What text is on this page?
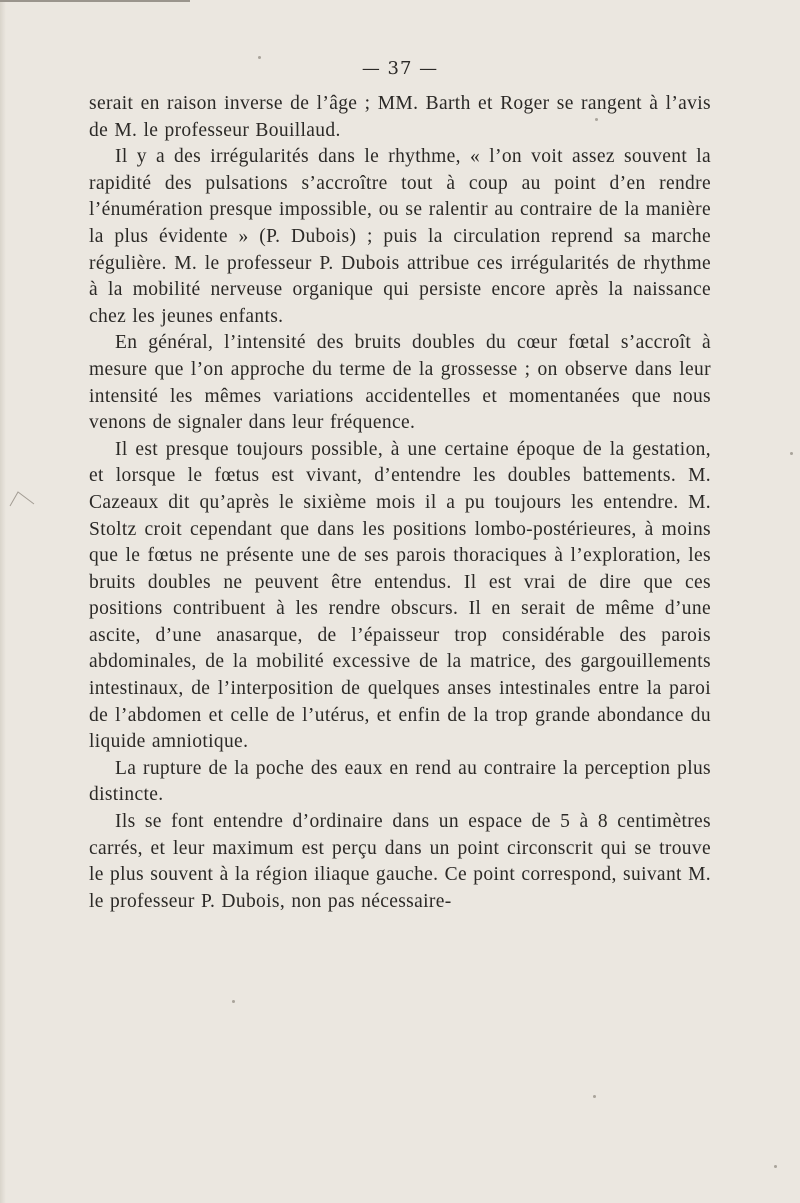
— 37 —

serait en raison inverse de l’âge ; MM. Barth et Roger se rangent à l’avis de M. le professeur Bouillaud.

Il y a des irrégularités dans le rhythme, « l’on voit assez souvent la rapidité des pulsations s’accroître tout à coup au point d’en rendre l’énumération presque impossible, ou se ralentir au contraire de la manière la plus évidente » (P. Dubois) ; puis la circulation reprend sa marche régulière. M. le professeur P. Dubois attribue ces irrégularités de rhythme à la mobilité nerveuse organique qui persiste encore après la naissance chez les jeunes enfants.

En général, l’intensité des bruits doubles du cœur fœtal s’accroît à mesure que l’on approche du terme de la grossesse ; on observe dans leur intensité les mêmes variations accidentelles et momentanées que nous venons de signaler dans leur fréquence.

Il est presque toujours possible, à une certaine époque de la gestation, et lorsque le fœtus est vivant, d’entendre les doubles battements. M. Cazeaux dit qu’après le sixième mois il a pu toujours les entendre. M. Stoltz croit cependant que dans les positions lombo-postérieures, à moins que le fœtus ne présente une de ses parois thoraciques à l’exploration, les bruits doubles ne peuvent être entendus. Il est vrai de dire que ces positions contribuent à les rendre obscurs. Il en serait de même d’une ascite, d’une anasarque, de l’épaisseur trop considérable des parois abdominales, de la mobilité excessive de la matrice, des gargouillements intestinaux, de l’interposition de quelques anses intestinales entre la paroi de l’abdomen et celle de l’utérus, et enfin de la trop grande abondance du liquide amniotique.

La rupture de la poche des eaux en rend au contraire la perception plus distincte.

Ils se font entendre d’ordinaire dans un espace de 5 à 8 centimètres carrés, et leur maximum est perçu dans un point circonscrit qui se trouve le plus souvent à la région iliaque gauche. Ce point correspond, suivant M. le professeur P. Dubois, non pas nécessaire-
